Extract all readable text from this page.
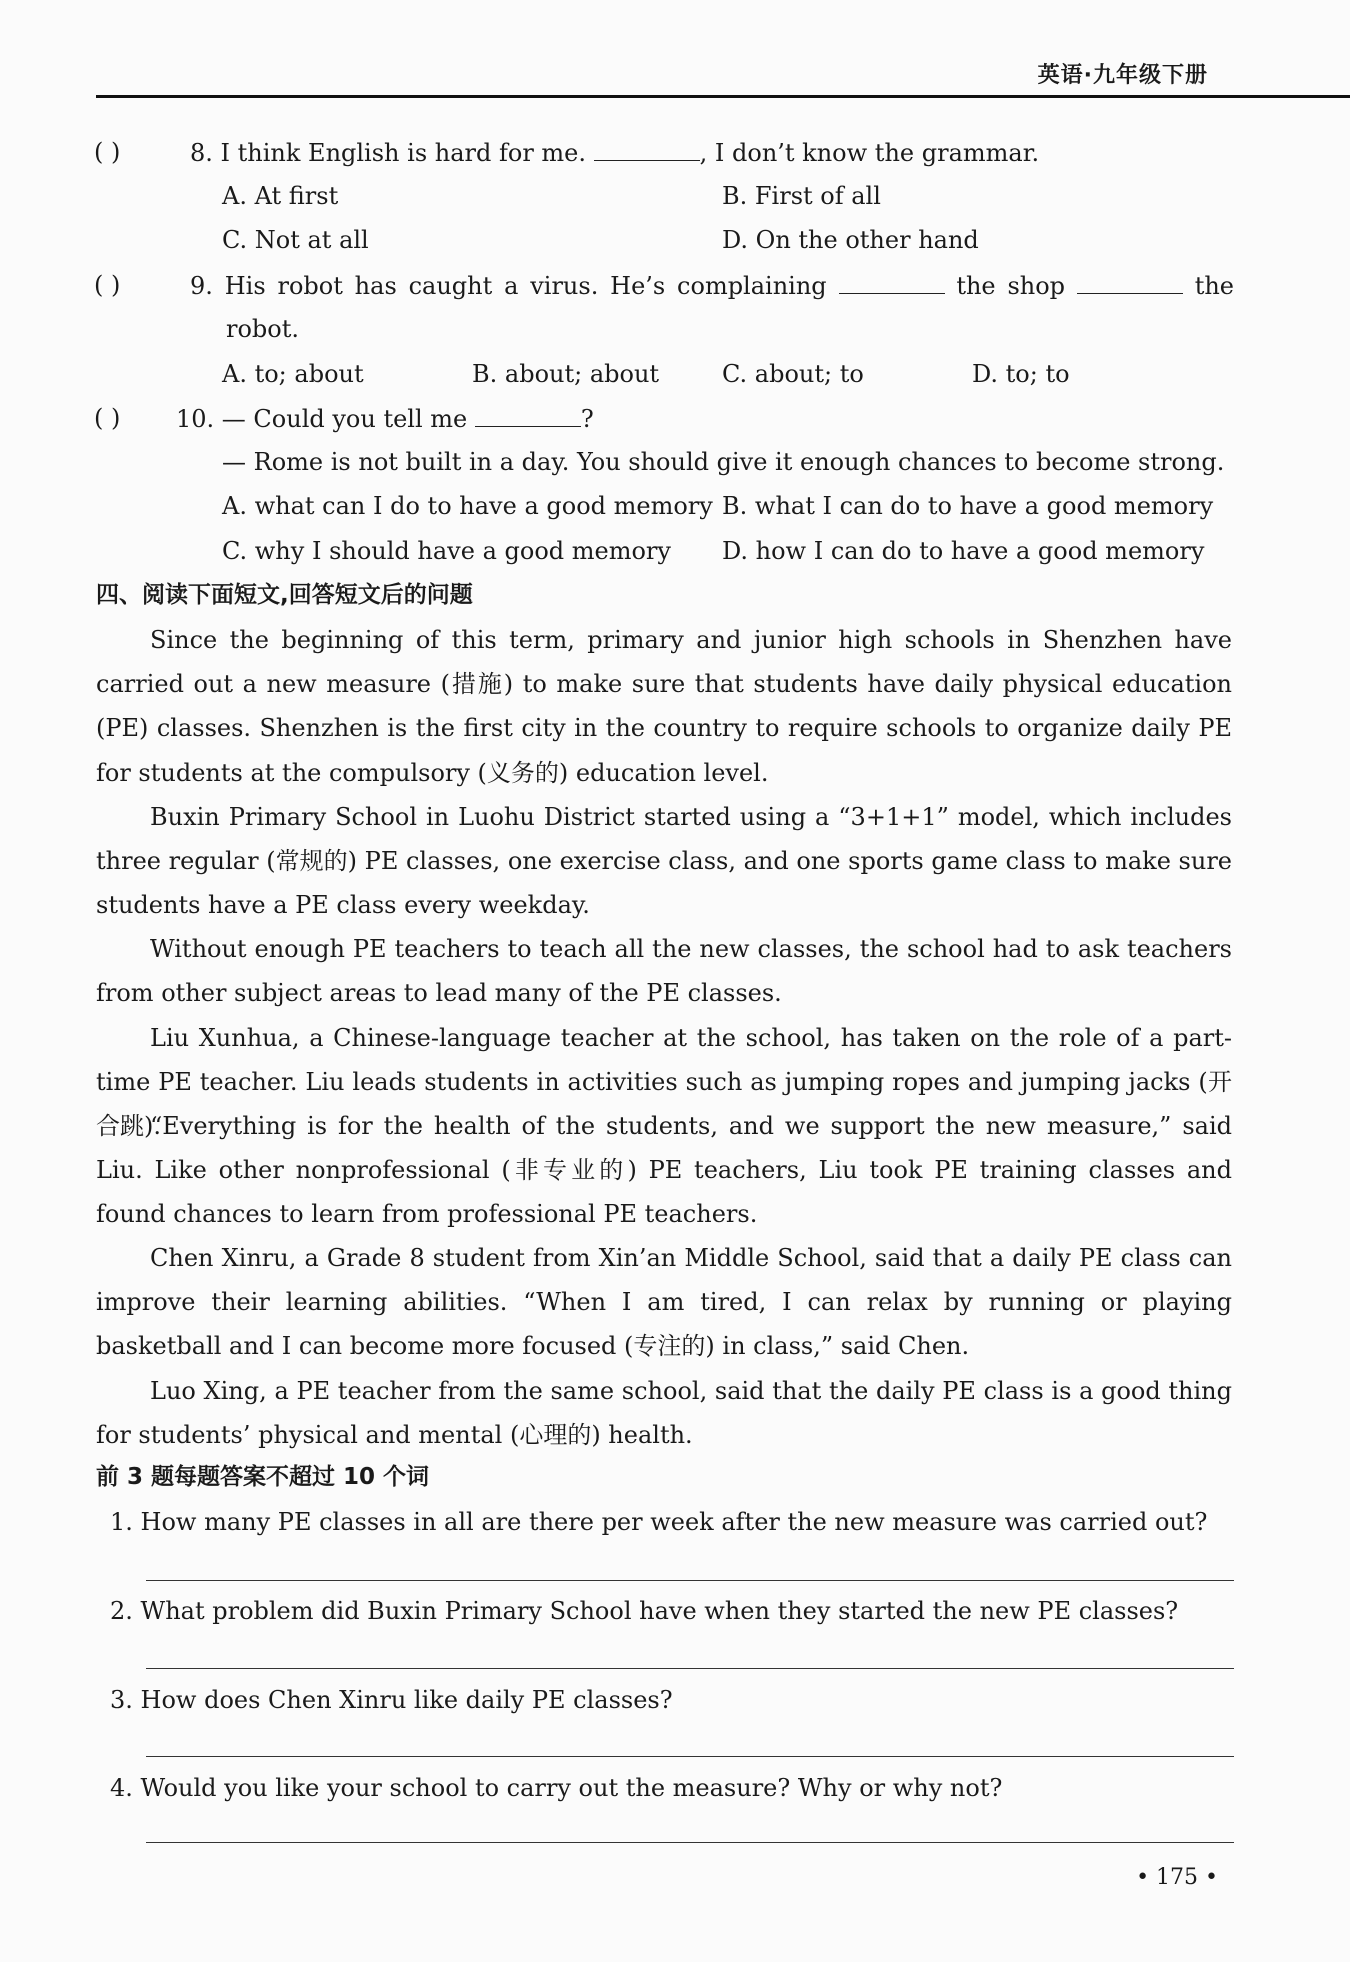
英语·九年级下册
( )	8. I think English is hard for me.	, I don’t know the grammar.
A. At first	B. First of all
C. Not at all	D. On the other hand
( )	9. His robot has caught a virus. He’s complaining	the shop	the
robot.
A. to; about	B. about; about	C. about; to	D. to; to
( ) 10. — Could you tell me	?
— Rome is not built in a day. You should give it enough chances to become strong.
A. what can I do to have a good memory B. what I can do to have a good memory
C. why I should have a good memory D. how I can do to have a good memory
四、阅读下面短文,回答短文后的问题

Since the beginning of this term, primary and junior high schools in Shenzhen have carried out a new measure (措施) to make sure that students have daily physical education (PE) classes. Shenzhen is the first city in the country to require schools to organize daily PE for students at the compulsory (义务的) education level.

Buxin Primary School in Luohu District started using a “3+1+1” model, which includes three regular (常规的) PE classes, one exercise class, and one sports game class to make sure students have a PE class every weekday.

Without enough PE teachers to teach all the new classes, the school had to ask teachers from other subject areas to lead many of the PE classes.

Liu Xunhua, a Chinese-language teacher at the school, has taken on the role of a part-time PE teacher. Liu leads students in activities such as jumping ropes and jumping jacks (开合跳).

“Everything is for the health of the students, and we support the new measure,” said Liu. Like other nonprofessional (非专业的) PE teachers, Liu took PE training classes and found chances to learn from professional PE teachers.

Chen Xinru, a Grade 8 student from Xin’an Middle School, said that a daily PE class can improve their learning abilities. “When I am tired, I can relax by running or playing basketball and I can become more focused (专注的) in class,” said Chen.

Luo Xing, a PE teacher from the same school, said that the daily PE class is a good thing for students’ physical and mental (心理的) health.

前 3 题每题答案不超过 10 个词
1. How many PE classes in all are there per week after the new measure was carried out?
2. What problem did Buxin Primary School have when they started the new PE classes?
3. How does Chen Xinru like daily PE classes?
4. Would you like your school to carry out the measure? Why or why not?
• 175 •
